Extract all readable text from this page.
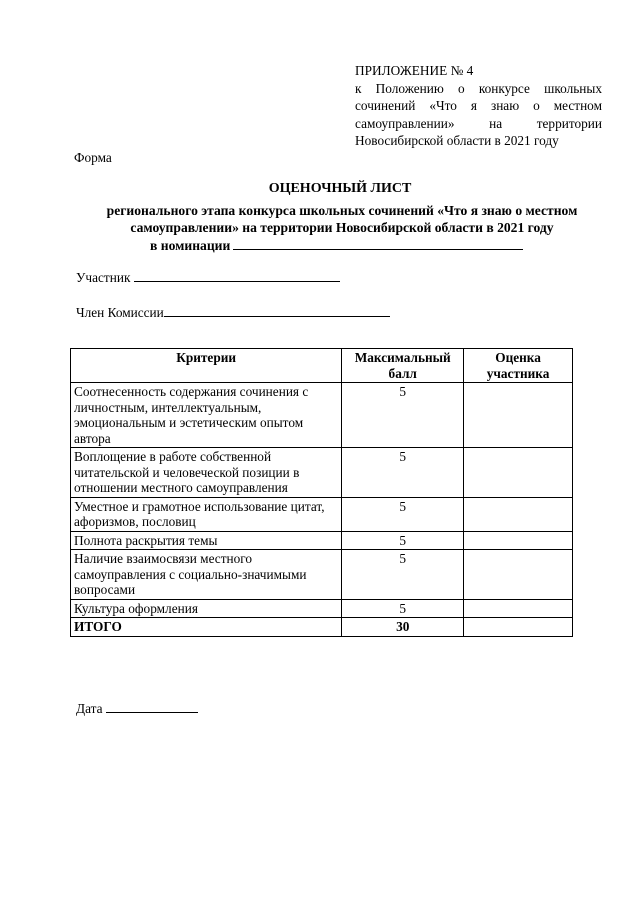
ПРИЛОЖЕНИЕ № 4
к Положению о конкурсе школьных сочинений «Что я знаю о местном самоуправлении» на территории Новосибирской области в 2021 году
Форма
ОЦЕНОЧНЫЙ ЛИСТ
регионального этапа конкурса школьных сочинений «Что я знаю о местном самоуправлении» на территории Новосибирской области в 2021 году
в номинации
Участник
Член Комиссии
Критерии	Максимальный балл	Оценка участника
Соотнесенность содержания сочинения с личностным, интеллектуальным, эмоциональным и эстетическим опытом автора	5	
Воплощение в работе собственной читательской и человеческой позиции в отношении местного самоуправления	5	
Уместное и грамотное использование цитат, афоризмов, пословиц	5	
Полнота раскрытия темы	5	
Наличие взаимосвязи местного самоуправления с социально-значимыми вопросами	5	
Культура оформления	5	
ИТОГО	30	
Дата
